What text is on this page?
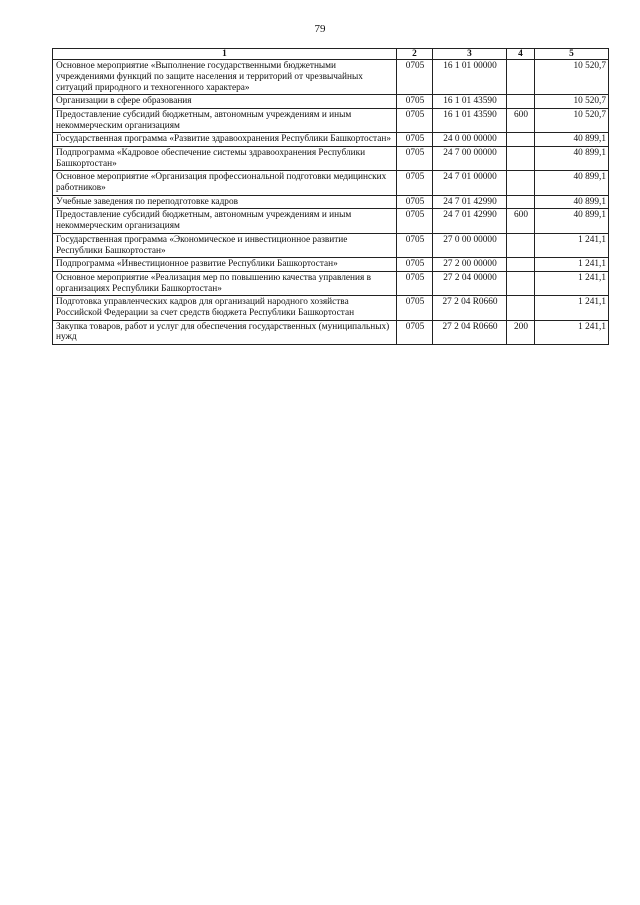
79
1	2	3	4	5
Основное мероприятие «Выполнение государственными бюджетными учреждениями функций по защите населения и территорий от чрезвычайных ситуаций природного и техногенного характера»	0705	16 1 01 00000		10 520,7
Организации в сфере образования	0705	16 1 01 43590		10 520,7
Предоставление субсидий бюджетным, автономным учреждениям и иным некоммерческим организациям	0705	16 1 01 43590	600	10 520,7
Государственная программа «Развитие здравоохранения Республики Башкортостан»	0705	24 0 00 00000		40 899,1
Подпрограмма «Кадровое обеспечение системы здравоохранения Республики Башкортостан»	0705	24 7 00 00000		40 899,1
Основное мероприятие «Организация профессиональной подготовки медицинских работников»	0705	24 7 01 00000		40 899,1
Учебные заведения по переподготовке кадров	0705	24 7 01 42990		40 899,1
Предоставление субсидий бюджетным, автономным учреждениям и иным некоммерческим организациям	0705	24 7 01 42990	600	40 899,1
Государственная программа «Экономическое и инвестиционное развитие Республики Башкортостан»	0705	27 0 00 00000		1 241,1
Подпрограмма «Инвестиционное развитие Республики Башкортостан»	0705	27 2 00 00000		1 241,1
Основное мероприятие «Реализация мер по повышению качества управления в организациях Республики Башкортостан»	0705	27 2 04 00000		1 241,1
Подготовка управленческих кадров для организаций народного хозяйства Российской Федерации за счет средств бюджета Республики Башкортостан	0705	27 2 04 R0660		1 241,1
Закупка товаров, работ и услуг для обеспечения государственных (муниципальных) нужд	0705	27 2 04 R0660	200	1 241,1
